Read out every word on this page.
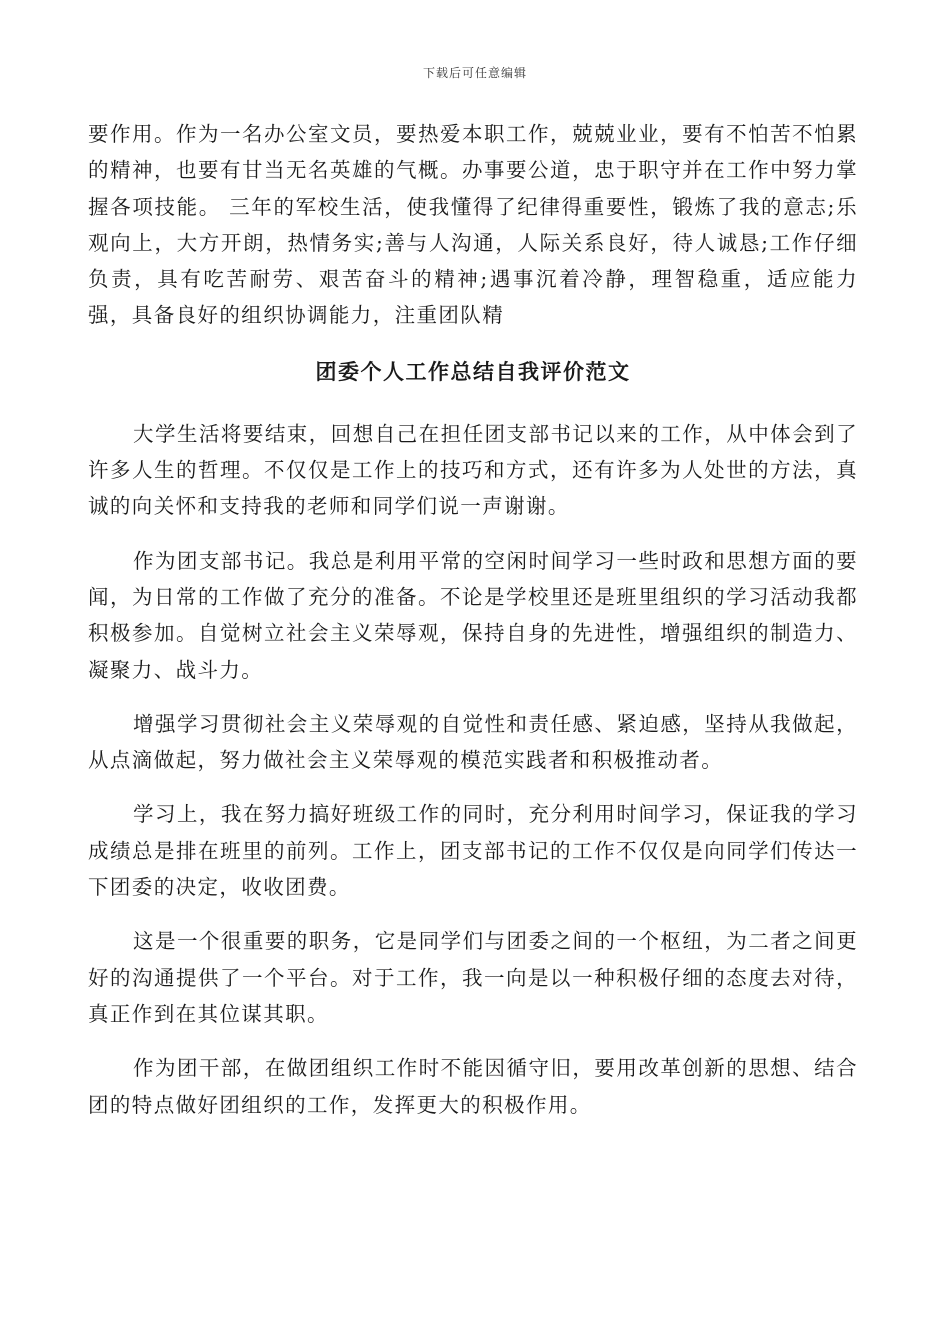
下载后可任意编辑

要作用。作为一名办公室文员，要热爱本职工作，兢兢业业，要有不怕苦不怕累的精神，也要有甘当无名英雄的气概。办事要公道，忠于职守并在工作中努力掌握各项技能。 三年的军校生活，使我懂得了纪律得重要性，锻炼了我的意志;乐观向上，大方开朗，热情务实;善与人沟通，人际关系良好，待人诚恳;工作仔细负责，具有吃苦耐劳、艰苦奋斗的精神;遇事沉着冷静，理智稳重，适应能力强，具备良好的组织协调能力，注重团队精

团委个人工作总结自我评价范文

大学生活将要结束，回想自己在担任团支部书记以来的工作，从中体会到了许多人生的哲理。不仅仅是工作上的技巧和方式，还有许多为人处世的方法，真诚的向关怀和支持我的老师和同学们说一声谢谢。

作为团支部书记。我总是利用平常的空闲时间学习一些时政和思想方面的要闻，为日常的工作做了充分的准备。不论是学校里还是班里组织的学习活动我都积极参加。自觉树立社会主义荣辱观，保持自身的先进性，增强组织的制造力、凝聚力、战斗力。

增强学习贯彻社会主义荣辱观的自觉性和责任感、紧迫感，坚持从我做起，从点滴做起，努力做社会主义荣辱观的模范实践者和积极推动者。

学习上，我在努力搞好班级工作的同时，充分利用时间学习，保证我的学习成绩总是排在班里的前列。工作上，团支部书记的工作不仅仅是向同学们传达一下团委的决定，收收团费。

这是一个很重要的职务，它是同学们与团委之间的一个枢纽，为二者之间更好的沟通提供了一个平台。对于工作，我一向是以一种积极仔细的态度去对待，真正作到在其位谋其职。

作为团干部，在做团组织工作时不能因循守旧，要用改革创新的思想、结合团的特点做好团组织的工作，发挥更大的积极作用。
